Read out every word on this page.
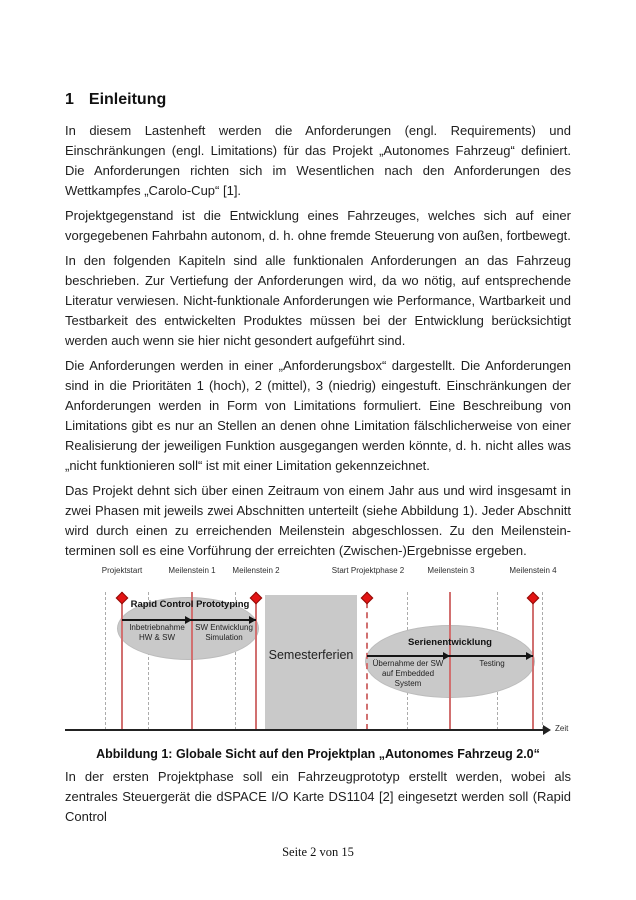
1 Einleitung

In diesem Lastenheft werden die Anforderungen (engl. Requirements) und Einschränkungen (engl. Limitations) für das Projekt „Autonomes Fahrzeug“ definiert. Die Anforderungen richten sich im Wesentlichen nach den Anforderungen des Wettkampfes „Carolo-Cup“ [1].

Projektgegenstand ist die Entwicklung eines Fahrzeuges, welches sich auf einer vorgegebenen Fahrbahn autonom, d. h. ohne fremde Steuerung von außen, fortbewegt.

In den folgenden Kapiteln sind alle funktionalen Anforderungen an das Fahrzeug beschrieben. Zur Vertiefung der Anforderungen wird, da wo nötig, auf entsprechende Literatur verwiesen. Nicht-funktionale Anforderungen wie Performance, Wartbarkeit und Testbarkeit des entwickelten Produktes müssen bei der Entwicklung berücksichtigt werden auch wenn sie hier nicht gesondert aufgeführt sind.

Die Anforderungen werden in einer „Anforderungsbox“ dargestellt. Die Anforderungen sind in die Prioritäten 1 (hoch), 2 (mittel), 3 (niedrig) eingestuft. Einschränkungen der Anforderungen werden in Form von Limitations formuliert. Eine Beschreibung von Limitations gibt es nur an Stellen an denen ohne Limitation fälschlicherweise von einer Realisierung der jeweiligen Funktion ausgegangen werden könnte, d. h. nicht alles was „nicht funktionieren soll“ ist mit einer Limitation gekennzeichnet.

Das Projekt dehnt sich über einen Zeitraum von einem Jahr aus und wird insgesamt in zwei Phasen mit jeweils zwei Abschnitten unterteilt (siehe Abbildung 1). Jeder Abschnitt wird durch einen zu erreichenden Meilenstein abgeschlossen. Zu den Meilenstein-terminen soll es eine Vorführung der erreichten (Zwischen-)Ergebnisse ergeben.

Projektstart	Meilenstein 1 Meilenstein 2	Start Projektphase 2	Meilenstein 3	Meilenstein 4
Rapid Control Prototyping
Inbetriebnahme
HW & SW
SW Entwicklung
Simulation
Semesterferien
Serienentwicklung
Übernahme der SW
auf Embedded
System
Testing
Zeit
Abbildung 1: Globale Sicht auf den Projektplan „Autonomes Fahrzeug 2.0“

In der ersten Projektphase soll ein Fahrzeugprototyp erstellt werden, wobei als zentrales Steuergerät die dSPACE I/O Karte DS1104 [2] eingesetzt werden soll (Rapid Control

Seite 2 von 15
